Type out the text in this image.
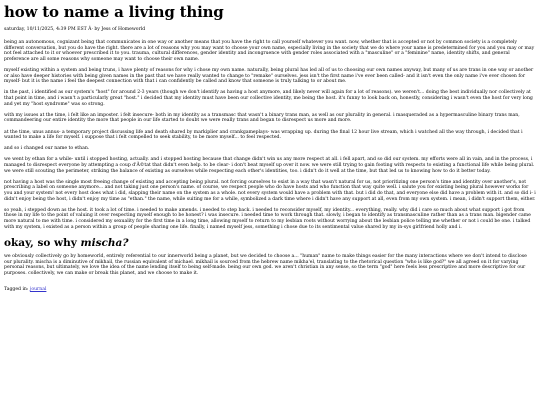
how to name a living thing
saturday, 10/11/2025, 4:39 PM EST Â· by Jess of Homeworld

being an autonomous, cognizant being that communicates in one way or another means that you have the right to call yourself whatever you want. now, whether that is accepted or not by common society is a completely different conversation, but you do have the right. there are a lot of reasons why you may want to choose your own name, especially living in the society that we do where your name is predetermined for you and you may or may not feel attached to it or whoever prescribed it to you. trauma, cultural differences, gender identity and incongruence with gender roles associated with a "masculine" or a "feminine" name, identity shifts, and general preference are all some reasons why someone may want to choose their own name.

myself existing within a system and being truns, i have plenty of reasons for why i chose my own name. naturally, being plural has led all of us to choosing our own names anyway, but many of us are trans in one way or another or also have deeper histories with being given names in the past that we have really wanted to change to "remake" ourselves. jess isn't the first name i've ever been called- and it isn't even the only name i've ever chosen for myself- but it is the name i feel the deepest connection with that i can confidently be called and know that someone is truly talking to or about me.

in the past, i identified as our system's "host" for around 2-3 years (though we don't identify as having a host anymore, and likely never will again for a lot of reasons). we weren't... doing the best individually nor collectively at that point in time, and i wasn't a particularly great "host." i decided that my identity must have been our collective identity, me being the host. it's funny to look back on, honestly, considering i wasn't even the host for very long and yet my "host syndrome" was so strong.

with my issues at the time, i felt like an imposter. i felt insecure- both in my identity as a transmasc that wasn't a binary trans man, as well as our plurality in general. i masqueraded as a hypermasculine binary trans man, commandeering our entire identity the more that people in our life started to doubt we were really trans and began to disrespect us more and more.

at the time, unus annus- a temporary project discussing life and death shared by markiplier and crankgameplays- was wrapping up. during the final 12 hour live stream, which i watched all the way through, i decided that i wanted to make a life for myself. i suppose that i felt compelled to seek stability, to be more myself... to feel respected.

and so i changed our name to ethan.

we went by ethan for a while- until i stopped hosting, actually. and i stopped hosting because that change didn't win us any more respect at all. i fell apart, and so did our system. my efforts were all in vain, and in the process, i managed to disrespect everyone by attempting a coup d'Ã©tat that didn't even help. to be clear- i don't beat myself up over it now. we were still trying to gain footing with respects to existing a functional life while being plural. we were still scouting the perimeter, striking the balance of existing as ourselves while respecting each other's identities, too. i didn't do it well at the time, but that led us to knowing how to do it better today.

not having a host was the single most freeing change of existing and accepting being plural. not forcing ourselves to exist in a way that wasn't natural for us, not prioritizing one person's time and identity over another's, not prescribing a label on someone anymore... and not taking just one person's name. of course, we respect people who do have hosts and who function that way quite well. i salute you for existing being plural however works for you and your system! not every host does what i did, slapping their name on the system as a whole. not every system would have a problem with that. but i did do that, and everyone else did have a problem with it. and so did i- i didn't enjoy being the host, i didn't enjoy my time as "ethan." the name, while suiting me for a while, symbolized a dark time where i didn't have any support at all, even from my own system. i mean, i didn't support them, either.

so yeah, i stepped down as the host. it took a lot of time. i needed to make amends. i needed to step back. i needed to reconsider myself, my identity... everything, really. why did i care so much about what support i got from those in my life to the point of valuing it over respecting myself enough to be honest? i was insecure. i needed time to work through that. slowly, i began to identify as transmasculine rather than as a trans man. bigender came more natural to me with time. i considered my sexuality for the first time in a long time, allowing myself to return to my lesbian roots without worrying about the lesbian police telling me whether or not i could be one. i talked with my system, i existed as a person within a group of people sharing one life. finally, i named myself jess, something i chose due to its sentimental value shared by my in-sys girlfriend holly and i.

okay, so why mischa?

we obviously collectively go by homeworld, entirely referential to our innerworld being a planet, but we decided to choose a... "human" name to make things easier for the many interactions where we don't intend to disclose our plurality. mischa is a diminutive of mikhail, the russian equivalent of michael. mikhail is sourced from the hebrew name mikha'el, translating to the rhetorical question "who is like god?" we all agreed on it for varying personal reasons, but ultimately, we love the idea of the name lending itself to being self-made. being our own god. we aren't christian in any sense, so the term "god" here feels less prescriptive and more descriptive for our purposes. collectively, we can make or break this planet, and we choose to make it.

Tagged in: journal
